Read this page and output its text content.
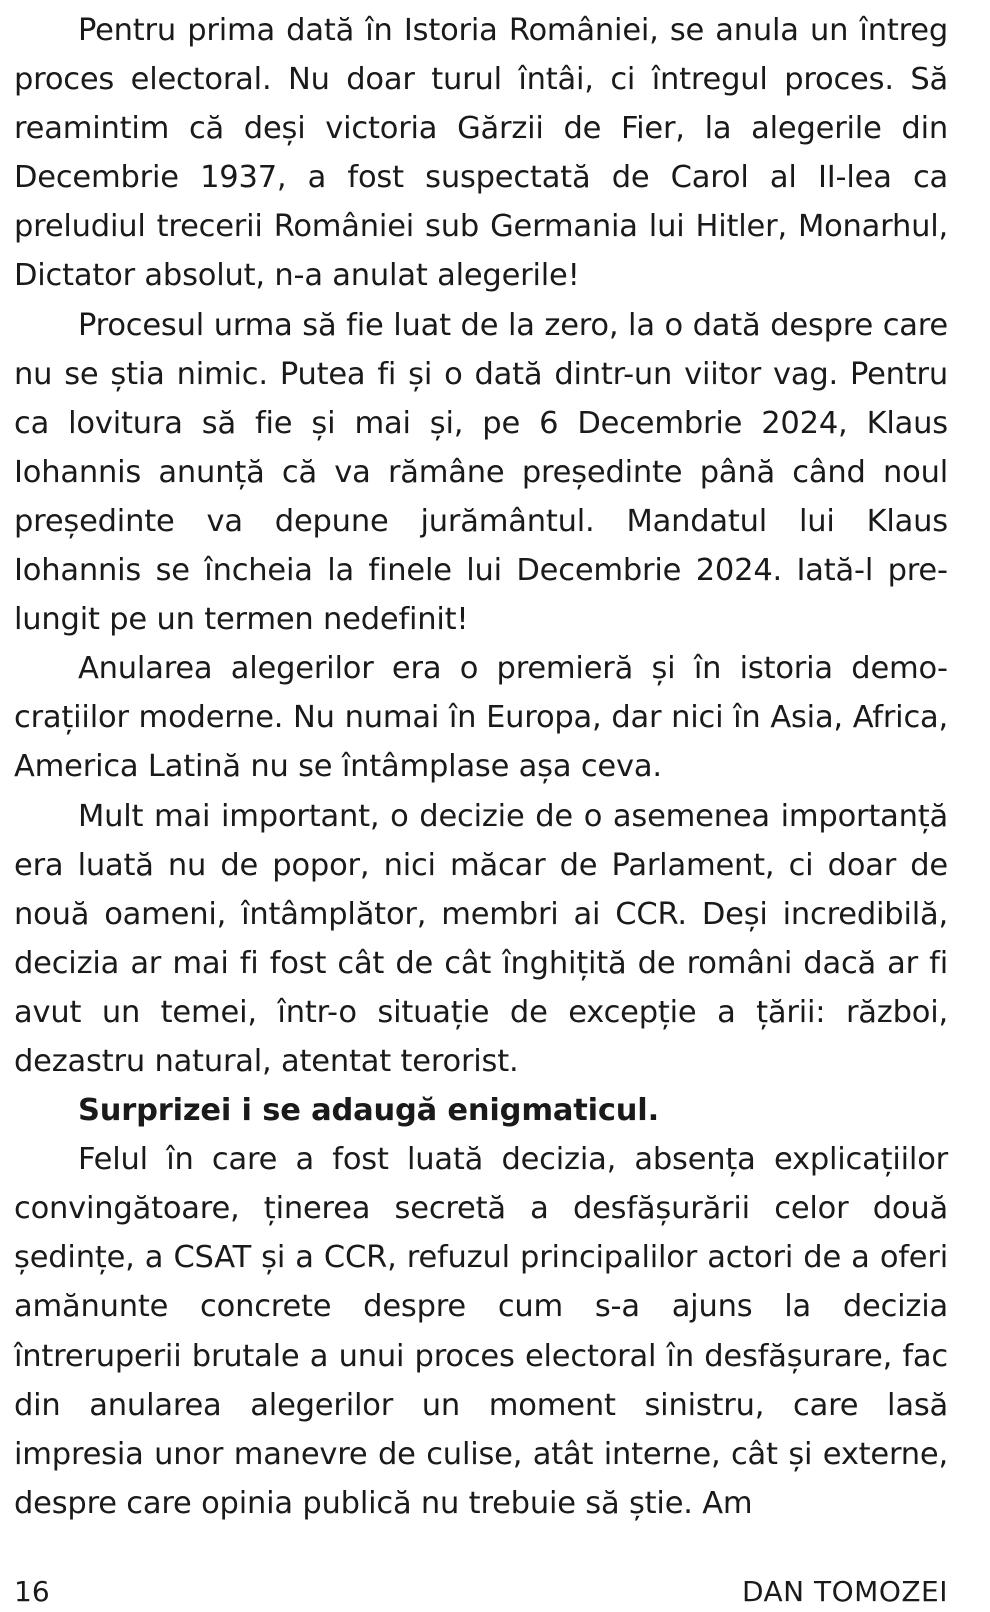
Pentru prima dată în Istoria României, se anula un întreg proces electoral. Nu doar turul întâi, ci întregul proces. Să reamintim că deși victoria Gărzii de Fier, la alegerile din Decembrie 1937, a fost suspectată de Carol al II-lea ca preludiul trecerii României sub Germania lui Hitler, Monarhul, Dictator absolut, n-a anulat alegerile!

Procesul urma să fie luat de la zero, la o dată despre care nu se știa nimic. Putea fi și o dată dintr-un viitor vag. Pentru ca lovitura să fie și mai și, pe 6 Decembrie 2024, Klaus Iohannis anunță că va rămâne președinte până când noul președinte va depune jurământul. Mandatul lui Klaus Iohannis se încheia la finele lui Decembrie 2024. Iată-l prelungit pe un termen nedefinit!

Anularea alegerilor era o premieră și în istoria democrațiilor moderne. Nu numai în Europa, dar nici în Asia, Africa, America Latină nu se întâmplase așa ceva.

Mult mai important, o decizie de o asemenea importanță era luată nu de popor, nici măcar de Parlament, ci doar de nouă oameni, întâmplător, membri ai CCR. Deși incredibilă, decizia ar mai fi fost cât de cât înghițită de români dacă ar fi avut un temei, într-o situație de excepție a țării: război, dezastru natural, atentat terorist.

Surprizei i se adaugă enigmaticul.

Felul în care a fost luată decizia, absența explicațiilor convingătoare, ținerea secretă a desfășurării celor două ședințe, a CSAT și a CCR, refuzul principalilor actori de a oferi amănunte concrete despre cum s-a ajuns la decizia întreruperii brutale a unui proces electoral în desfășurare, fac din anularea alegerilor un moment sinistru, care lasă impresia unor manevre de culise, atât interne, cât și externe, despre care opinia publică nu trebuie să știe. Am

16	DAN TOMOZEI
